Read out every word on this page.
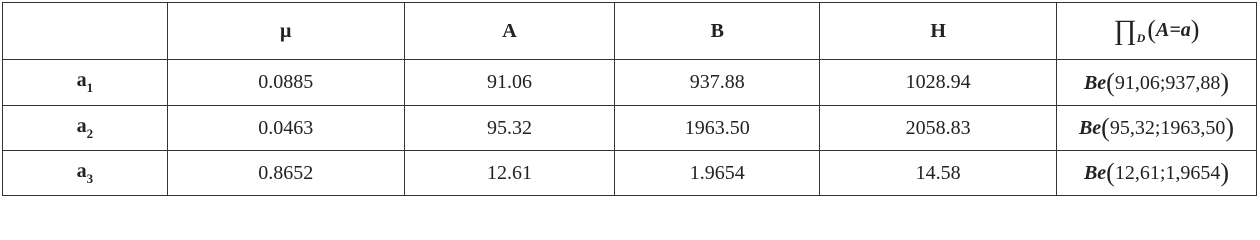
	μ	A	B	H	$\prod_D(A=a)$
$a_1$	0.0885	91.06	937.88	1028.94	Be(91,06;937,88)
$a_2$	0.0463	95.32	1963.50	2058.83	Be(95,32;1963,50)
$a_3$	0.8652	12.61	1.9654	14.58	Be(12,61;1,9654)
